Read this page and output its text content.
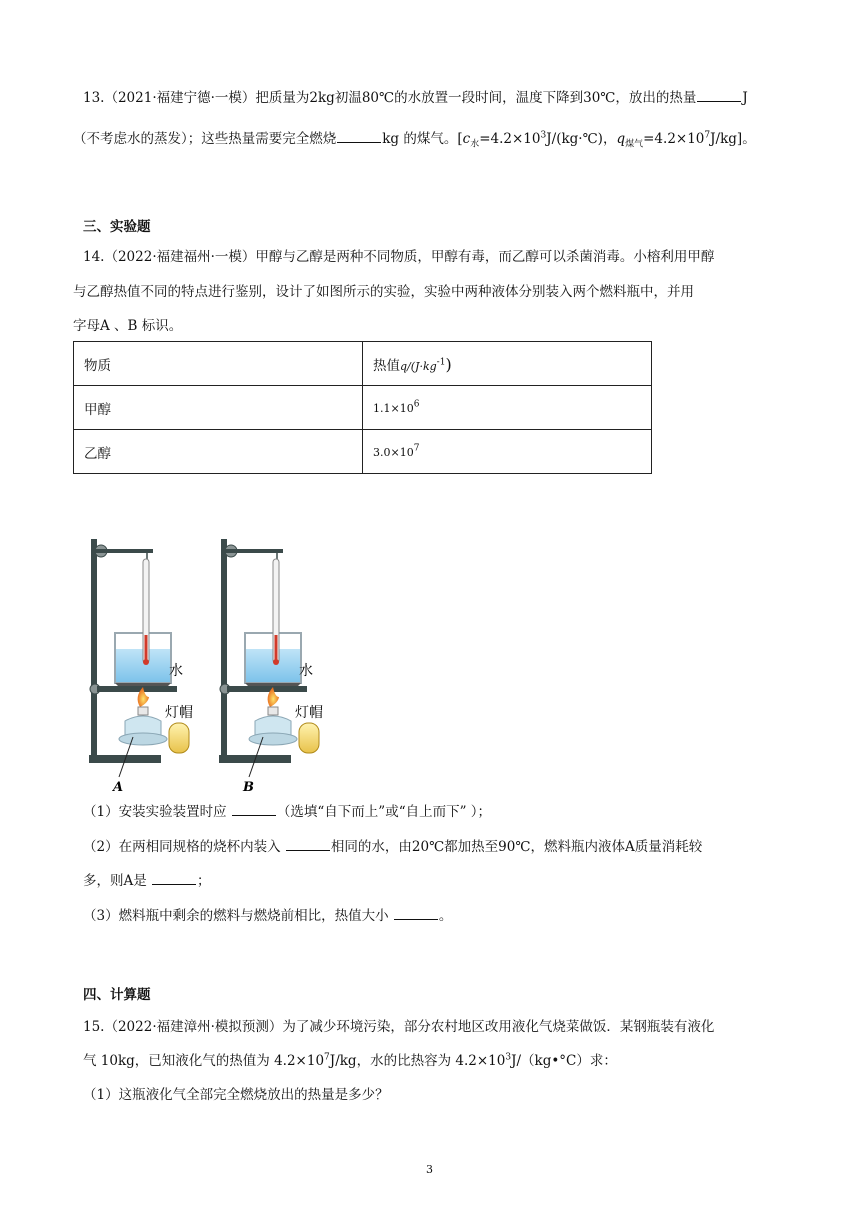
13.（2021·福建宁德·一模）把质量为2kg初温80℃的水放置一段时间，温度下降到30℃，放出的热量	J
（不考虑水的蒸发）；这些热量需要完全燃烧	kg 的煤气。[$c_水=4.2\times 10^3J/(kg\cdot℃)$，$q_{煤气}=4.2\times 10^7J/kg$]。
三、实验题
14.（2022·福建福州·一模）甲醇与乙醇是两种不同物质，甲醇有毒，而乙醇可以杀菌消毒。小榕利用甲醇
与乙醇热值不同的特点进行鉴别，设计了如图所示的实验，实验中两种液体分别装入两个燃料瓶中，并用
字母A 、B 标识。
物质	热值$q/(J\cdot kg^{-1})$
甲醇	$1.1\times 10^6$
乙醇	$3.0\times 10^7$
水
灯帽
A
水
灯帽
B
（1）安装实验装置时应	（选填“自下而上”或“自上而下” ）；
（2）在两相同规格的烧杯内装入	相同的水，由20℃都加热至90℃，燃料瓶内液体A质量消耗较
多，则A是	；
（3）燃料瓶中剩余的燃料与燃烧前相比，热值大小	。
四、计算题
15.（2022·福建漳州·模拟预测）为了减少环境污染，部分农村地区改用液化气烧菜做饭．某钢瓶装有液化
气 10kg，已知液化气的热值为 $4.2\times 10^7J/kg$，水的比热容为 $4.2\times 10^3J/(kg•^\circ C)$求：
（1）这瓶液化气全部完全燃烧放出的热量是多少？
3
